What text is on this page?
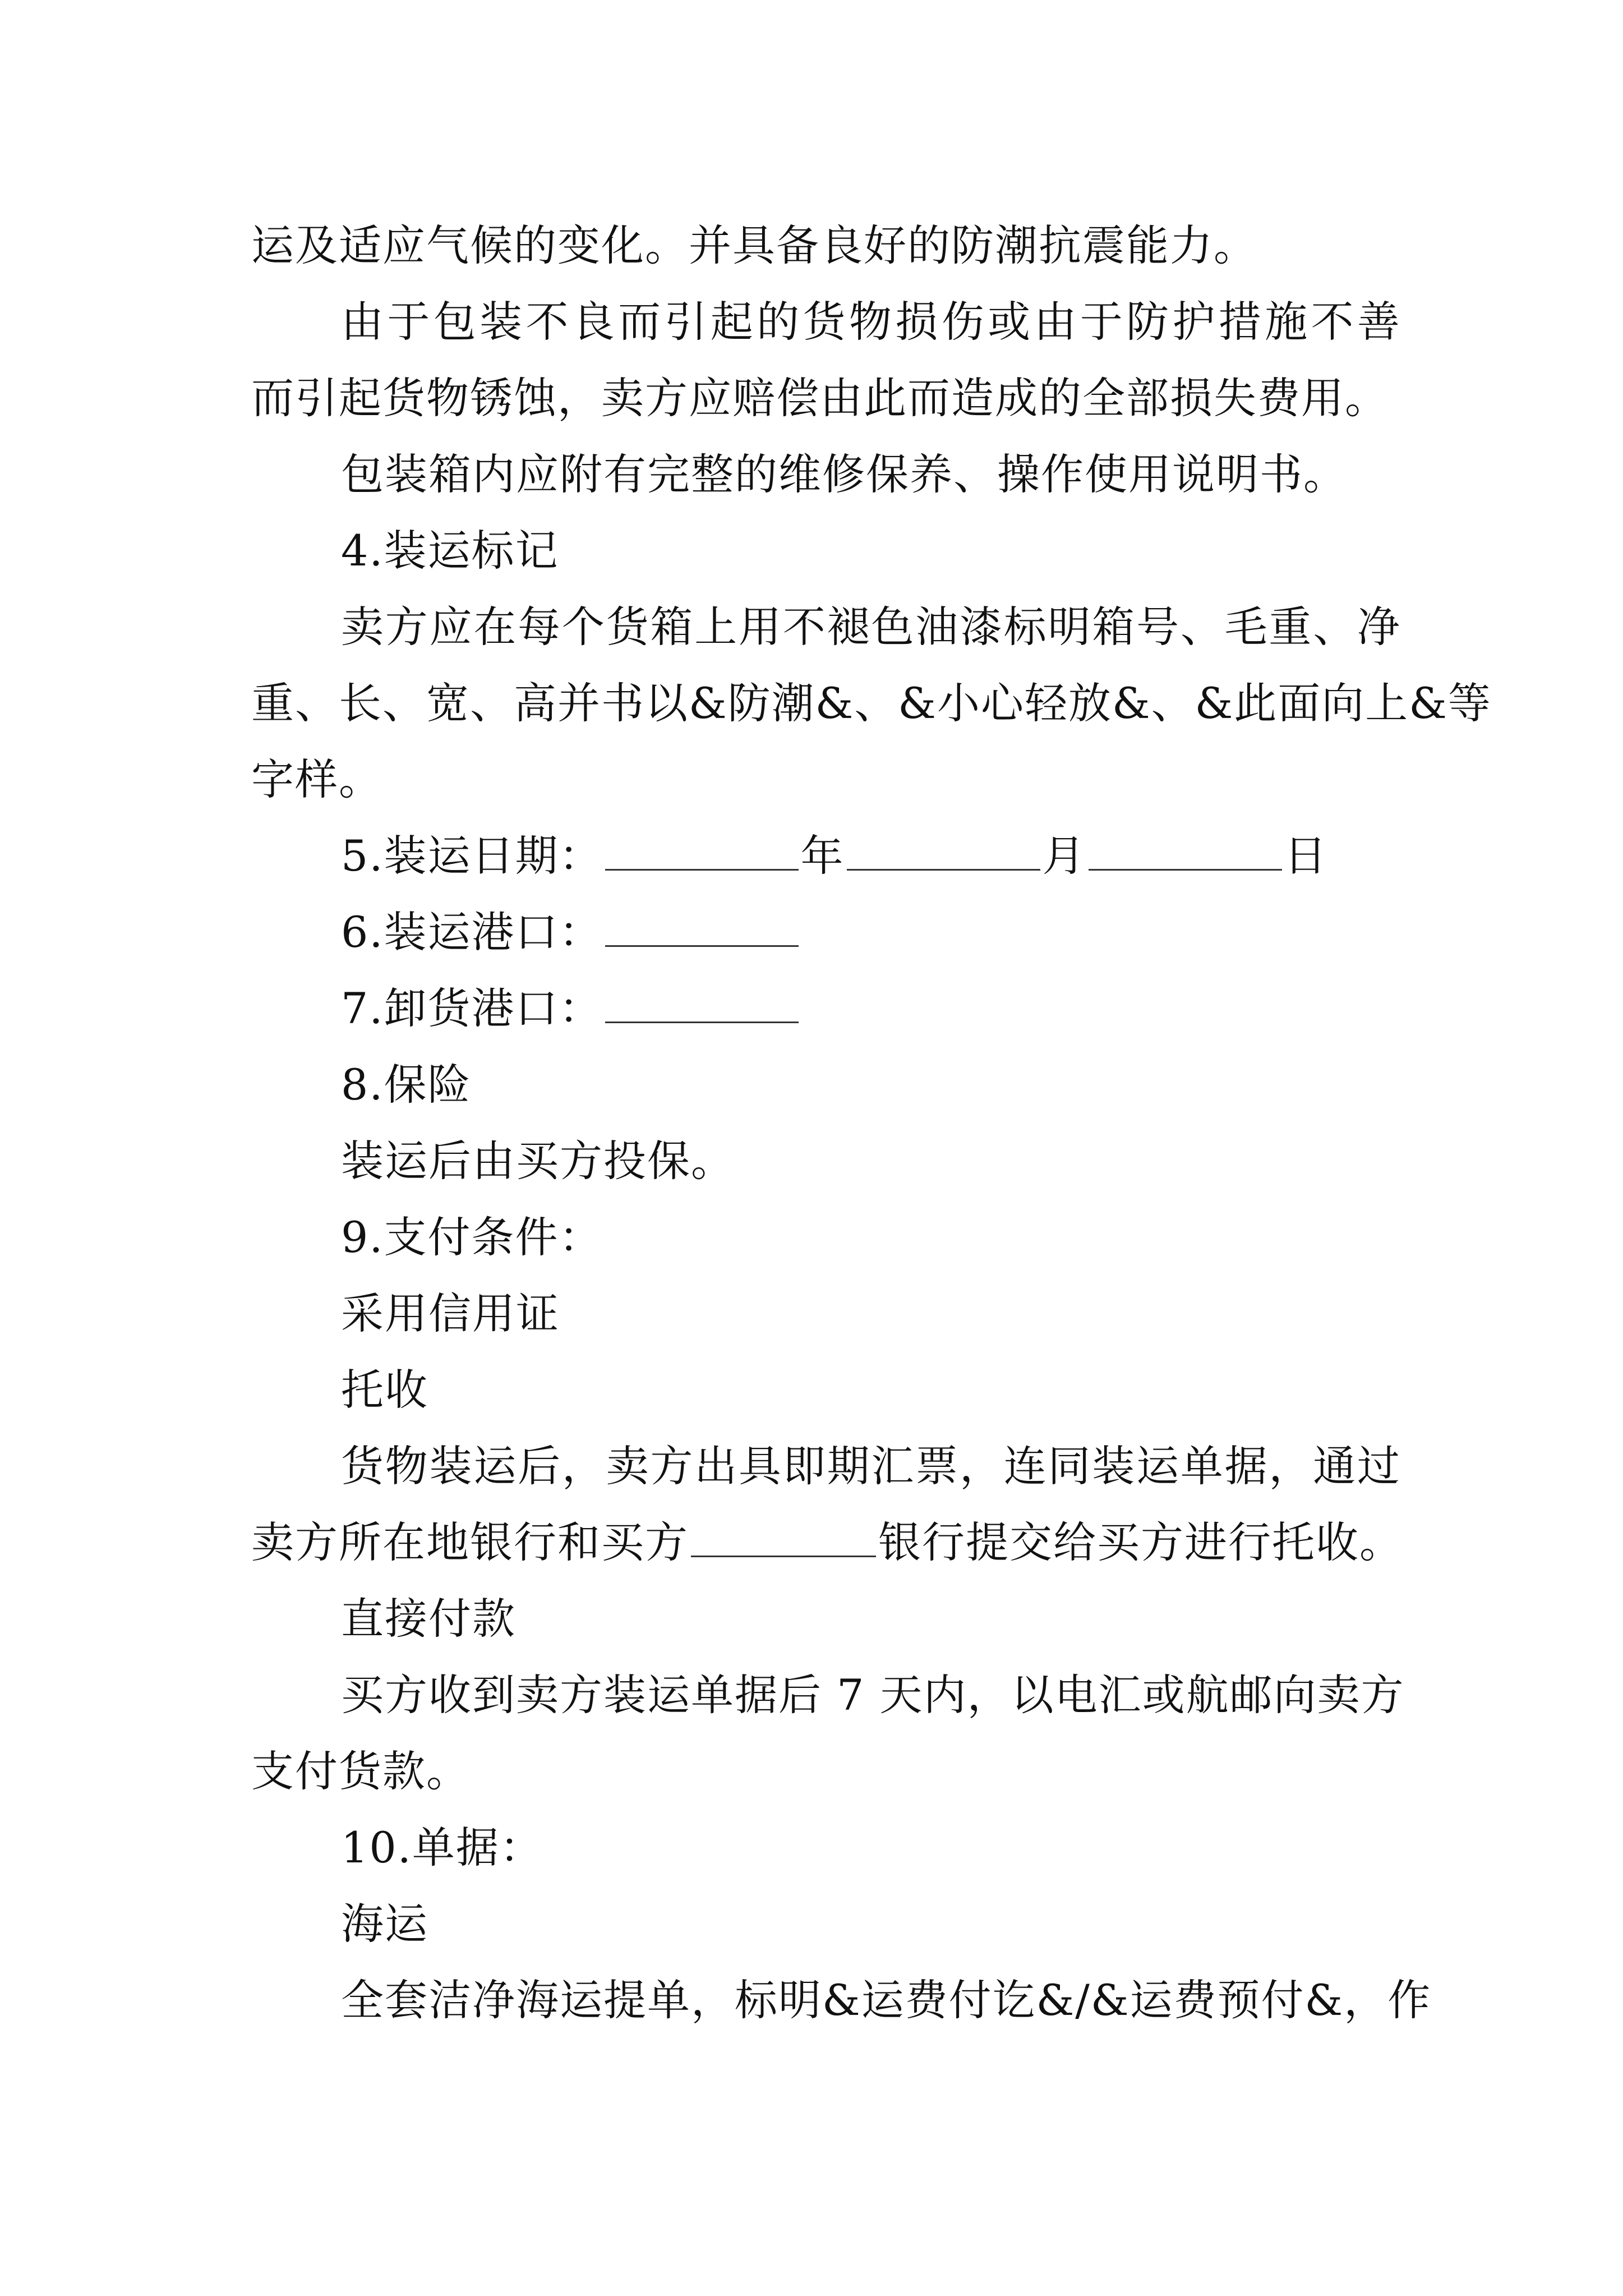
运及适应气候的变化。并具备良好的防潮抗震能力。
由于包装不良而引起的货物损伤或由于防护措施不善
而引起货物锈蚀，卖方应赔偿由此而造成的全部损失费用。
包装箱内应附有完整的维修保养、操作使用说明书。
4.装运标记
卖方应在每个货箱上用不褪色油漆标明箱号、毛重、净
重、长、宽、高并书以&防潮&、&小心轻放&、&此面向上&等
字样。
5.装运日期：	年	月	日
6.装运港口：
7.卸货港口：
8.保险
装运后由买方投保。
9.支付条件：
采用信用证
托收
货物装运后，卖方出具即期汇票，连同装运单据，通过
卖方所在地银行和买方	银行提交给买方进行托收。
直接付款
买方收到卖方装运单据后 7 天内，以电汇或航邮向卖方
支付货款。
10.单据：
海运
全套洁净海运提单，标明&运费付讫&/&运费预付&，作
